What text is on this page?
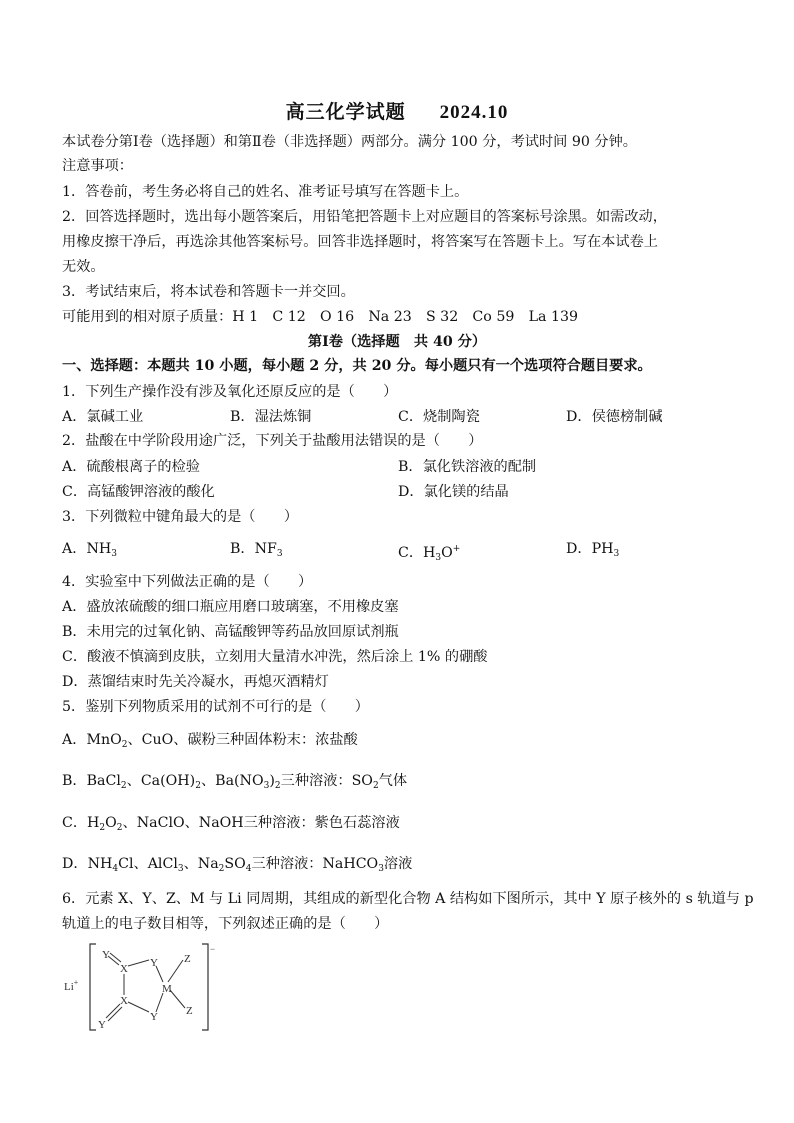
高三化学试题 2024.10
本试卷分第Ⅰ卷（选择题）和第Ⅱ卷（非选择题）两部分。满分 100 分，考试时间 90 分钟。
注意事项：
1．答卷前，考生务必将自己的姓名、准考证号填写在答题卡上。
2．回答选择题时，选出每小题答案后，用铅笔把答题卡上对应题目的答案标号涂黑。如需改动，
用橡皮擦干净后，再选涂其他答案标号。回答非选择题时，将答案写在答题卡上。写在本试卷上
无效。
3．考试结束后，将本试卷和答题卡一并交回。
可能用到的相对原子质量：H 1　C 12　O 16　Na 23　S 32　Co 59　La 139
第Ⅰ卷（选择题　共 40 分）
一、选择题：本题共 10 小题，每小题 2 分，共 20 分。每小题只有一个选项符合题目要求。
1．下列生产操作没有涉及氧化还原反应的是（　　）
A．氯碱工业	B．湿法炼铜	C．烧制陶瓷	D．侯德榜制碱
2．盐酸在中学阶段用途广泛，下列关于盐酸用法错误的是（　　）
A．硫酸根离子的检验	B．氯化铁溶液的配制
C．高锰酸钾溶液的酸化	D．氯化镁的结晶
3．下列微粒中键角最大的是（　　）
A．$NH_3$	B．$NF_3$	C．$H_3O^+$	D．$PH_3$
4．实验室中下列做法正确的是（　　）
A．盛放浓硫酸的细口瓶应用磨口玻璃塞，不用橡皮塞
B．未用完的过氧化钠、高锰酸钾等药品放回原试剂瓶
C．酸液不慎滴到皮肤，立刻用大量清水冲洗，然后涂上 1% 的硼酸
D．蒸馏结束时先关冷凝水，再熄灭酒精灯
5．鉴别下列物质采用的试剂不可行的是（　　）
A．MnO$_2$、CuO、碳粉三种固体粉末：浓盐酸
B．BaCl$_2$、$Ca(OH)_2$、$Ba(NO_3)_2$三种溶液：$SO_2$气体
C．$H_2O_2$、NaClO、NaOH三种溶液：紫色石蕊溶液
D．$NH_4Cl$、AlCl$_3$、$Na_2SO_4$三种溶液：NaHCO$_3$溶液
6．元素 X、Y、Z、M 与 Li 同周期，其组成的新型化合物 A 结构如下图所示，其中 Y 原子核外的 s 轨道与 p
轨道上的电子数目相等，下列叙述正确的是（　　）
Li+
−
Y
X Y
M
Z
Z
X
Y
Y
